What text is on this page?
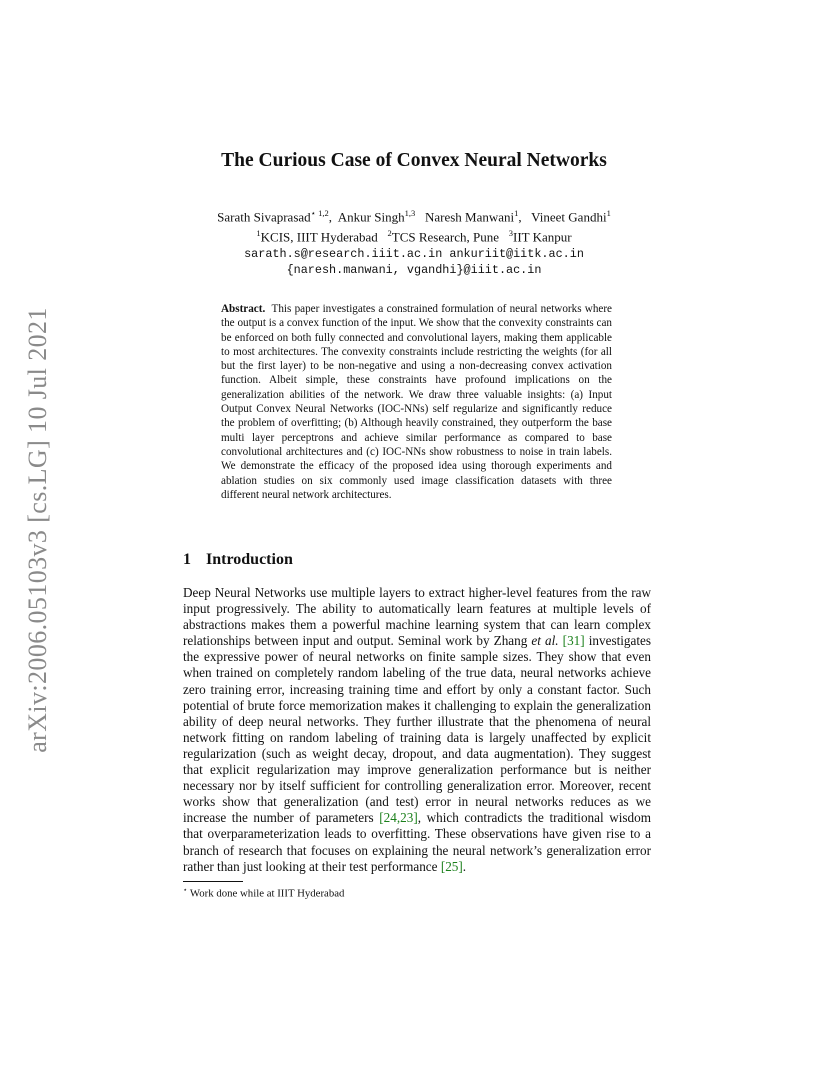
arXiv:2006.05103v3 [cs.LG] 10 Jul 2021
The Curious Case of Convex Neural Networks
Sarath Sivaprasad$^{⋆ 1,2}$,  Ankur Singh$^{1,3}$ Naresh Manwani$^1$,   Vineet Gandhi$^1$
$^1$KCIS, IIIT Hyderabad $^2$TCS Research, Pune $^3$IIT Kanpur
sarath.s@research.iiit.ac.in ankuriit@iitk.ac.in
{naresh.manwani, vgandhi}@iiit.ac.in
Abstract. This paper investigates a constrained formulation of neural networks where the output is a convex function of the input. We show that the convexity constraints can be enforced on both fully connected and convolutional layers, making them applicable to most architectures. The convexity constraints include restricting the weights (for all but the first layer) to be non-negative and using a non-decreasing convex activation function. Albeit simple, these constraints have profound implications on the generalization abilities of the network. We draw three valuable insights: (a) Input Output Convex Neural Networks (IOC-NNs) self regularize and significantly reduce the problem of overfitting; (b) Although heavily constrained, they outperform the base multi layer perceptrons and achieve similar performance as compared to base convolutional architectures and (c) IOC-NNs show robustness to noise in train labels. We demonstrate the efficacy of the proposed idea using thorough experiments and ablation studies on six commonly used image classification datasets with three different neural network architectures.
1 Introduction
Deep Neural Networks use multiple layers to extract higher-level features from the raw input progressively. The ability to automatically learn features at multiple levels of abstractions makes them a powerful machine learning system that can learn complex relationships between input and output. Seminal work by Zhang et al. [31] investigates the expressive power of neural networks on finite sample sizes. They show that even when trained on completely random labeling of the true data, neural networks achieve zero training error, increasing training time and effort by only a constant factor. Such potential of brute force memorization makes it challenging to explain the generalization ability of deep neural networks. They further illustrate that the phenomena of neural network fitting on random labeling of training data is largely unaffected by explicit regularization (such as weight decay, dropout, and data augmentation). They suggest that explicit regularization may improve generalization performance but is neither necessary nor by itself sufficient for controlling generalization error. Moreover, recent works show that generalization (and test) error in neural networks reduces as we increase the number of parameters [24,23], which contradicts the traditional wisdom that overparameterization leads to overfitting. These observations have given rise to a branch of research that focuses on explaining the neural network’s generalization error rather than just looking at their test performance [25].
⋆ Work done while at IIIT Hyderabad
